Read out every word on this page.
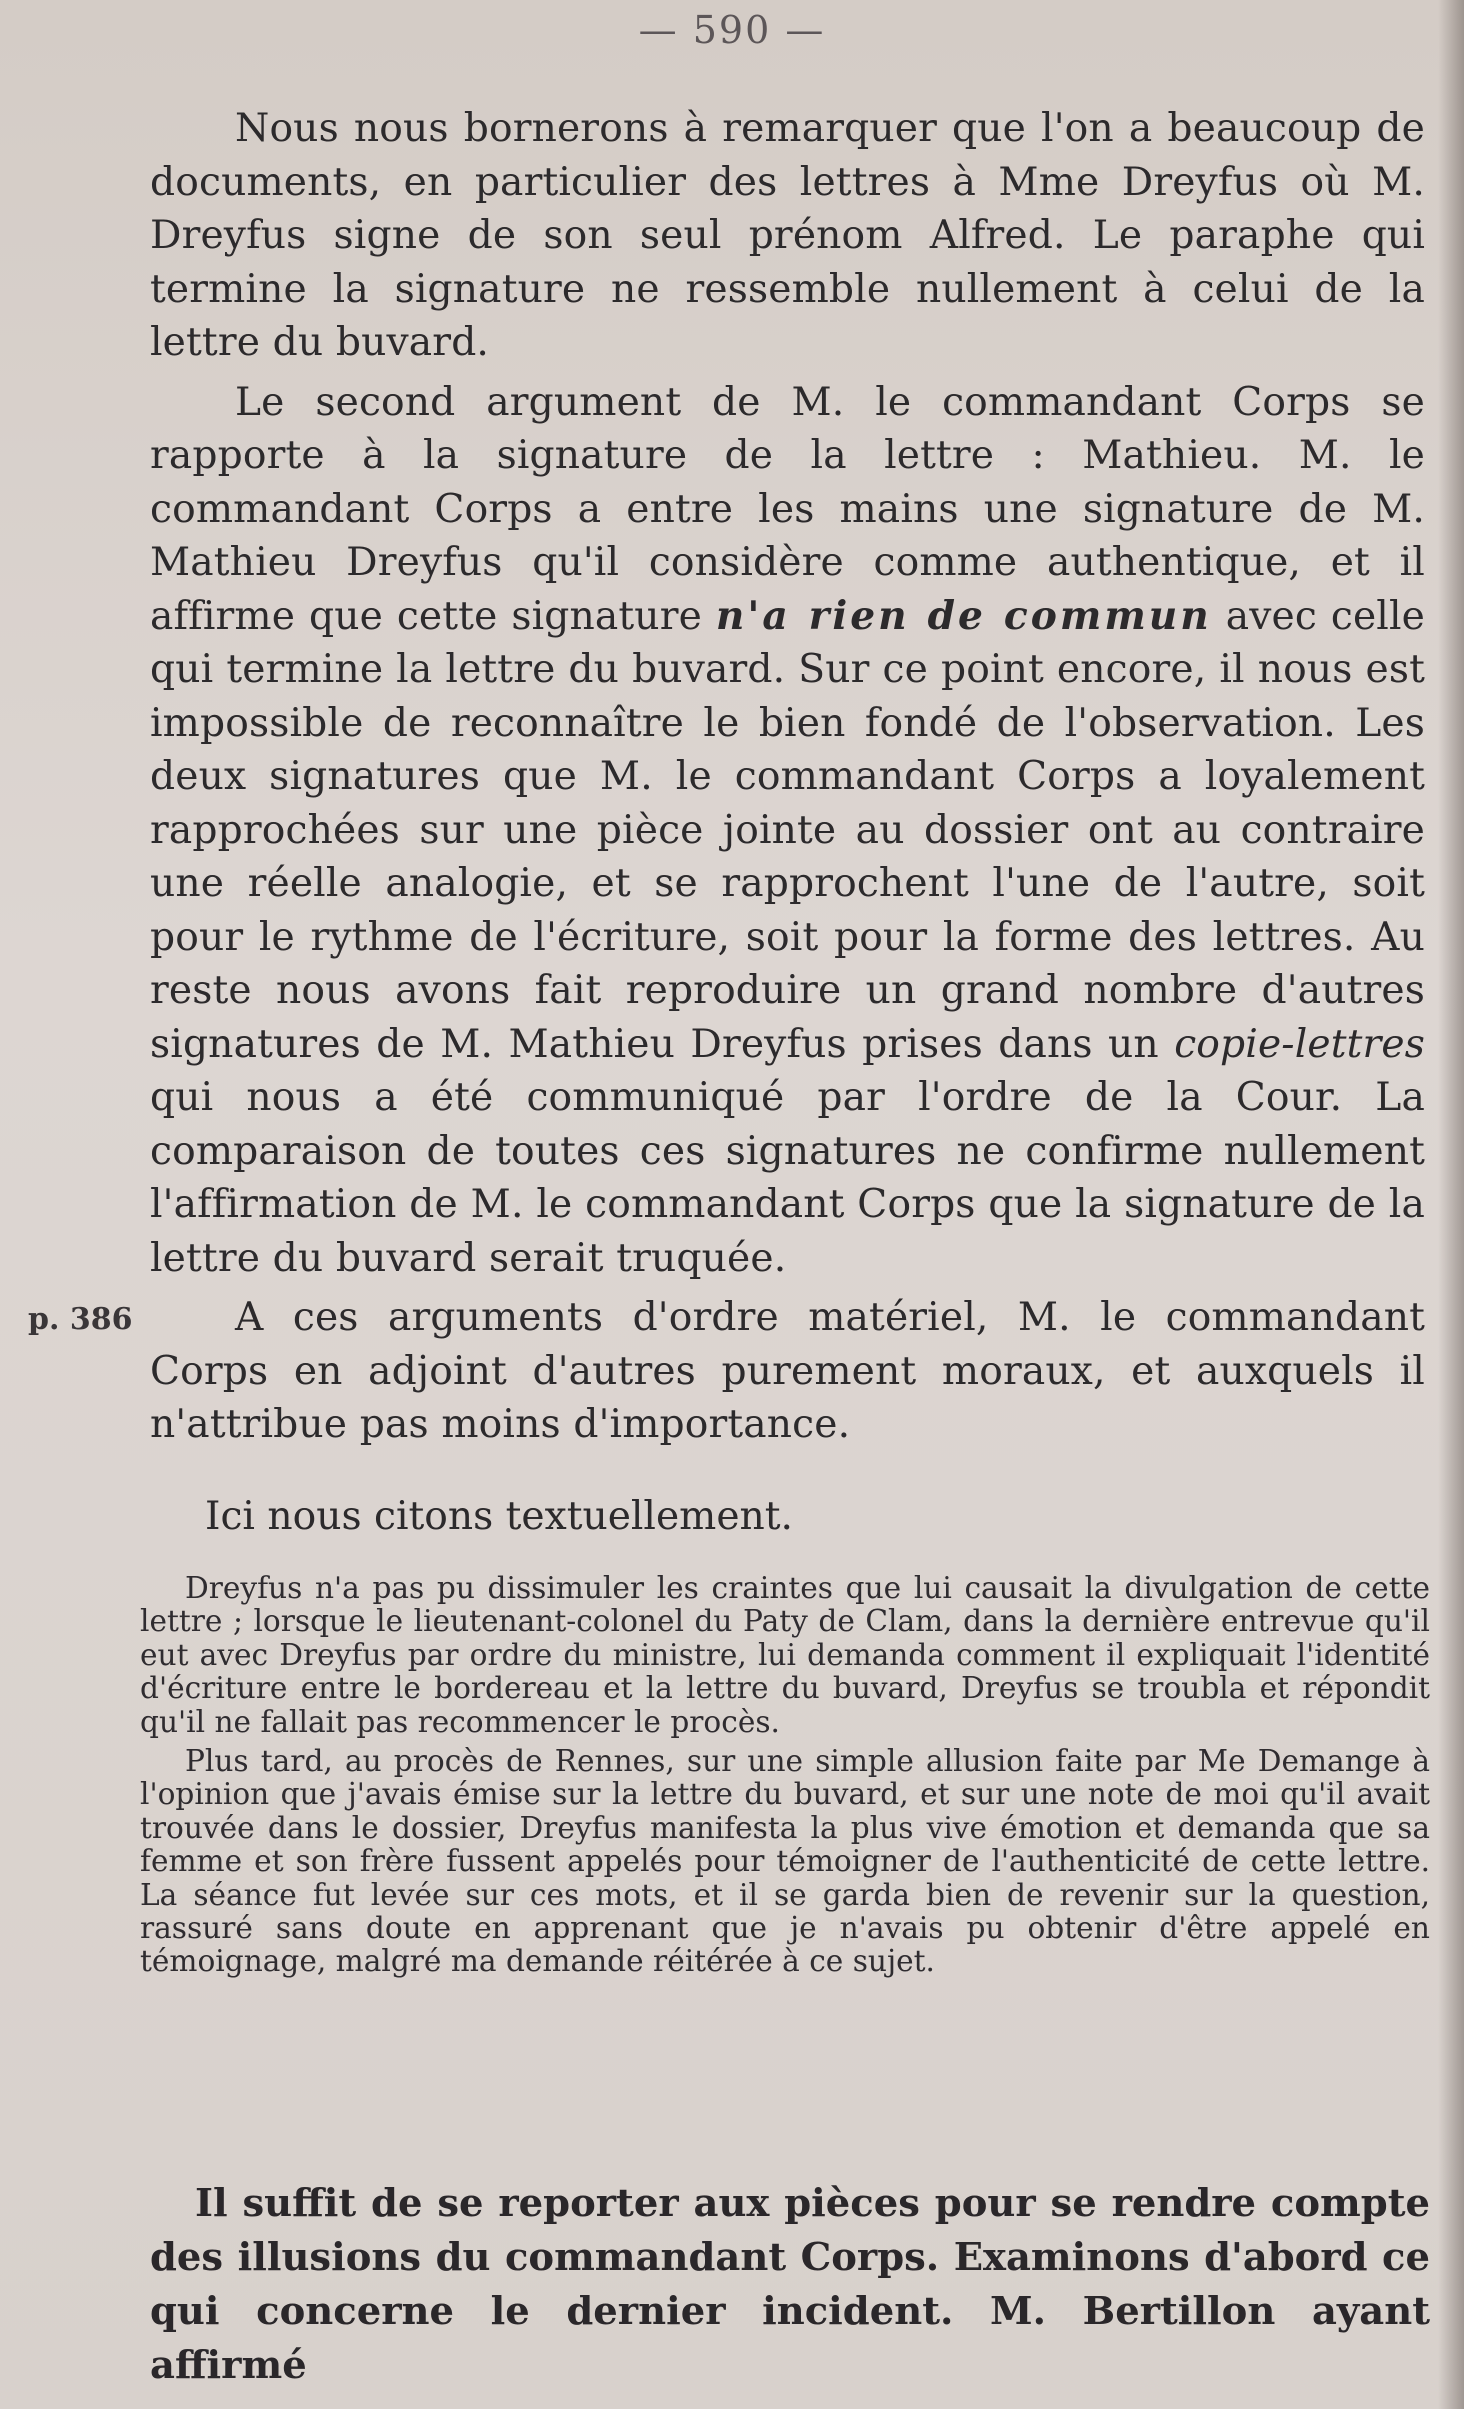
— 590 —
p. 386

Nous nous bornerons à remarquer que l'on a beaucoup de documents, en particulier des lettres à Mme Dreyfus où M. Dreyfus signe de son seul prénom Alfred. Le paraphe qui termine la signature ne ressemble nullement à celui de la lettre du buvard.

Le second argument de M. le commandant Corps se rapporte à la signature de la lettre : Mathieu. M. le commandant Corps a entre les mains une signature de M. Mathieu Dreyfus qu'il considère comme authentique, et il affirme que cette signature n'a rien de commun avec celle qui termine la lettre du buvard. Sur ce point encore, il nous est impossible de reconnaître le bien fondé de l'observation. Les deux signatures que M. le commandant Corps a loyalement rapprochées sur une pièce jointe au dossier ont au contraire une réelle analogie, et se rapprochent l'une de l'autre, soit pour le rythme de l'écriture, soit pour la forme des lettres. Au reste nous avons fait reproduire un grand nombre d'autres signatures de M. Mathieu Dreyfus prises dans un copie-lettres qui nous a été communiqué par l'ordre de la Cour. La comparaison de toutes ces signatures ne confirme nullement l'affirmation de M. le commandant Corps que la signature de la lettre du buvard serait truquée.

A ces arguments d'ordre matériel, M. le commandant Corps en adjoint d'autres purement moraux, et auxquels il n'attribue pas moins d'importance.

Ici nous citons textuellement.

Dreyfus n'a pas pu dissimuler les craintes que lui causait la divulgation de cette lettre ; lorsque le lieutenant-colonel du Paty de Clam, dans la dernière entrevue qu'il eut avec Dreyfus par ordre du ministre, lui demanda comment il expliquait l'identité d'écriture entre le bordereau et la lettre du buvard, Dreyfus se troubla et répondit qu'il ne fallait pas recommencer le procès.

Plus tard, au procès de Rennes, sur une simple allusion faite par Me Demange à l'opinion que j'avais émise sur la lettre du buvard, et sur une note de moi qu'il avait trouvée dans le dossier, Dreyfus manifesta la plus vive émotion et demanda que sa femme et son frère fussent appelés pour témoigner de l'authenticité de cette lettre. La séance fut levée sur ces mots, et il se garda bien de revenir sur la question, rassuré sans doute en apprenant que je n'avais pu obtenir d'être appelé en témoignage, malgré ma demande réitérée à ce sujet.

Il suffit de se reporter aux pièces pour se rendre compte des illusions du commandant Corps. Examinons d'abord ce qui concerne le dernier incident. M. Bertillon ayant affirmé
